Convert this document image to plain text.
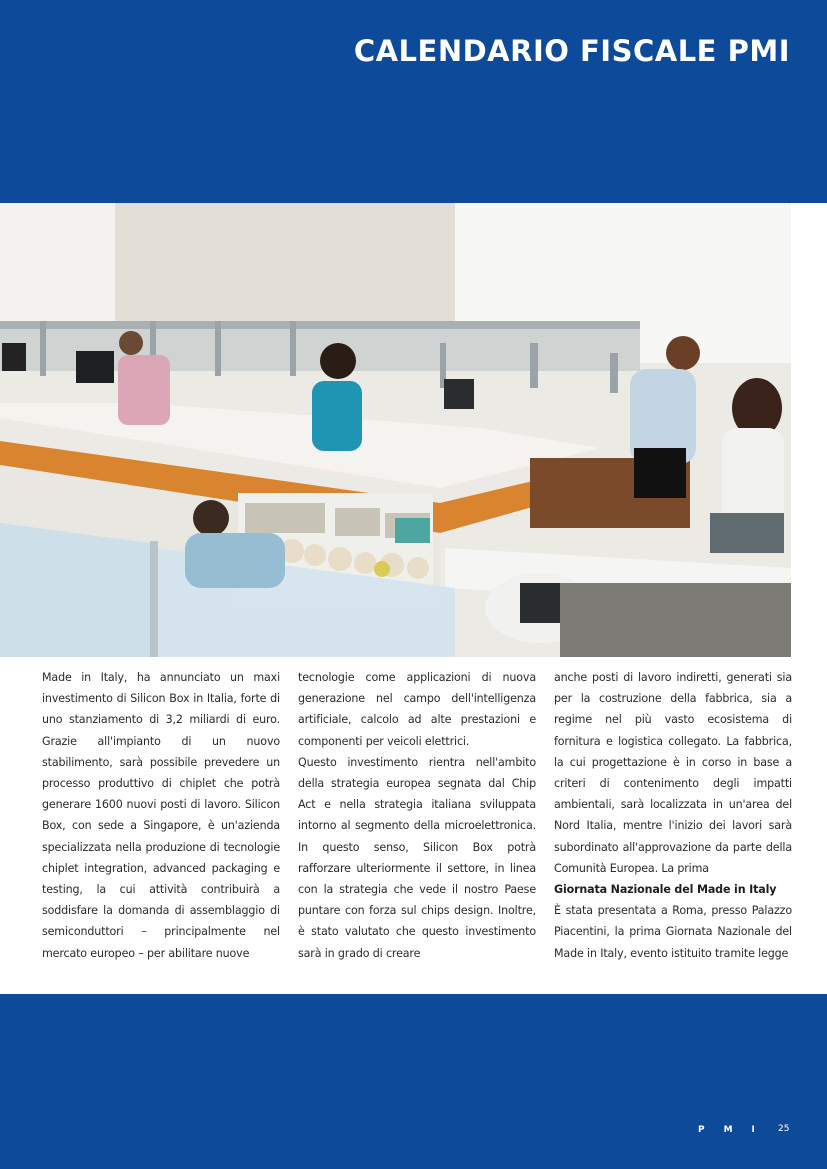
CALENDARIO FISCALE PMI

Made in Italy, ha annunciato un maxi investimento di Silicon Box in Italia, forte di uno stanziamento di 3,2 miliardi di euro. Grazie all'impianto di un nuovo stabilimento, sarà possibile prevedere un processo produttivo di chiplet che potrà generare 1600 nuovi posti di lavoro. Silicon Box, con sede a Singapore, è un'azienda specializzata nella produzione di tecnologie chiplet integration, advanced packaging e testing, la cui attività contribuirà a soddisfare la domanda di assemblaggio di semiconduttori – principalmente nel mercato europeo – per abilitare nuove

tecnologie come applicazioni di nuova generazione nel campo dell'intelligenza artificiale, calcolo ad alte prestazioni e componenti per veicoli elettrici.

Questo investimento rientra nell'ambito della strategia europea segnata dal Chip Act e nella strategia italiana sviluppata intorno al segmento della microelettronica. In questo senso, Silicon Box potrà rafforzare ulteriormente il settore, in linea con la strategia che vede il nostro Paese puntare con forza sul chips design. Inoltre, è stato valutato che questo investimento sarà in grado di creare

anche posti di lavoro indiretti, generati sia per la costruzione della fabbrica, sia a regime nel più vasto ecosistema di fornitura e logistica collegato. La fabbrica, la cui progettazione è in corso in base a criteri di contenimento degli impatti ambientali, sarà localizzata in un'area del Nord Italia, mentre l'inizio dei lavori sarà subordinato all'approvazione da parte della Comunità Europea. La prima

Giornata Nazionale del Made in Italy

È stata presentata a Roma, presso Palazzo Piacentini, la prima Giornata Nazionale del Made in Italy, evento istituito tramite legge

PMI 25
